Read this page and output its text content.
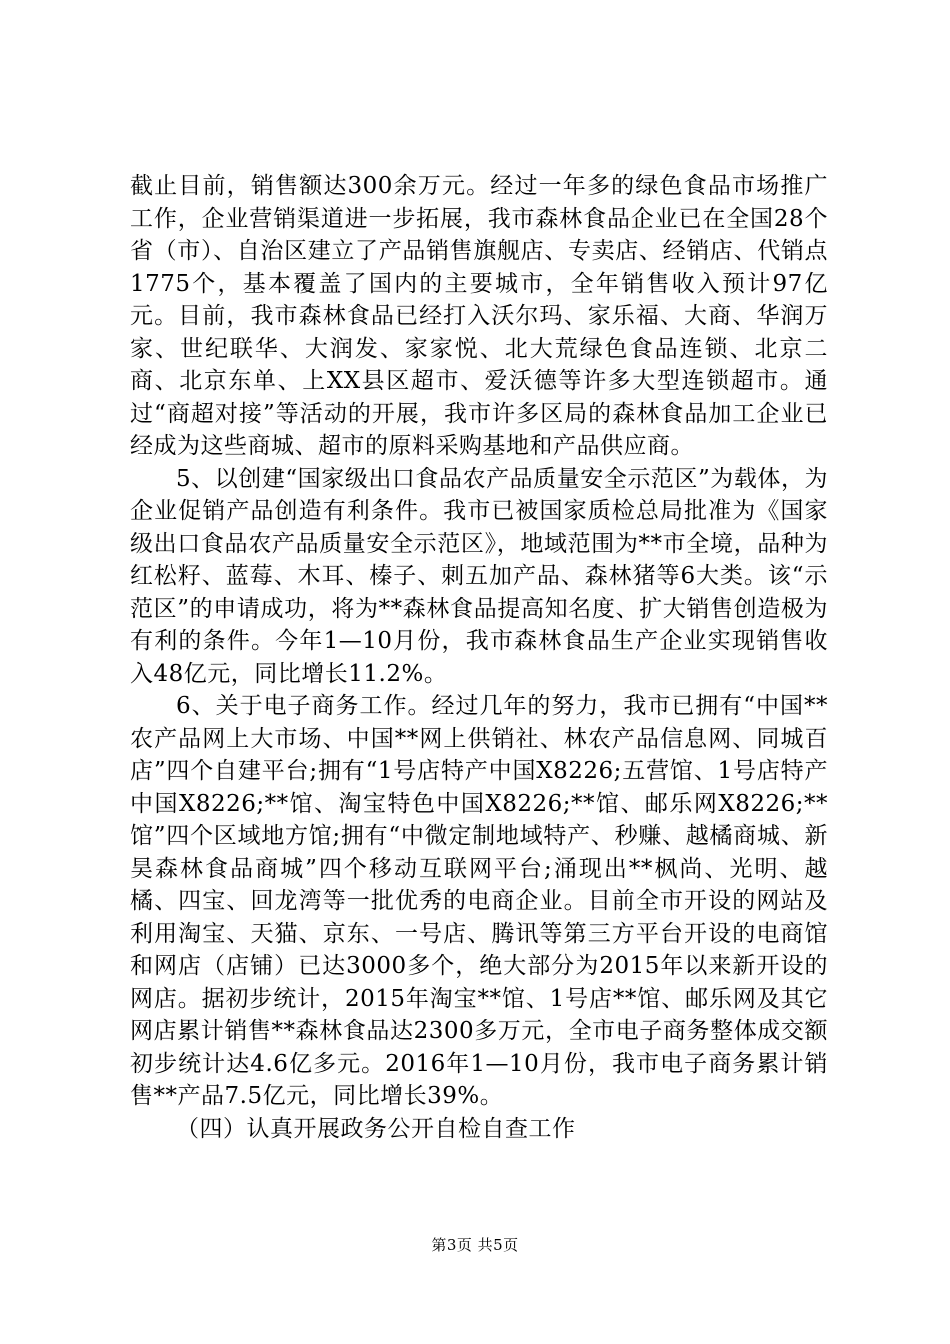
截止目前，销售额达300余万元。经过一年多的绿色食品市场推广工作，企业营销渠道进一步拓展，我市森林食品企业已在全国28个省（市）、自治区建立了产品销售旗舰店、专卖店、经销店、代销点1775个，基本覆盖了国内的主要城市，全年销售收入预计97亿元。目前，我市森林食品已经打入沃尔玛、家乐福、大商、华润万家、世纪联华、大润发、家家悦、北大荒绿色食品连锁、北京二商、北京东单、上XX县区超市、爱沃德等许多大型连锁超市。通过“商超对接”等活动的开展，我市许多区局的森林食品加工企业已经成为这些商城、超市的原料采购基地和产品供应商。

5、以创建“国家级出口食品农产品质量安全示范区”为载体，为企业促销产品创造有利条件。我市已被国家质检总局批准为《国家级出口食品农产品质量安全示范区》，地域范围为**市全境，品种为红松籽、蓝莓、木耳、榛子、刺五加产品、森林猪等6大类。该“示范区”的申请成功，将为**森林食品提高知名度、扩大销售创造极为有利的条件。今年1—10月份，我市森林食品生产企业实现销售收入48亿元，同比增长11.2%。

6、关于电子商务工作。经过几年的努力，我市已拥有“中国**农产品网上大市场、中国**网上供销社、林农产品信息网、同城百店”四个自建平台;拥有“1号店特产中国X8226;五营馆、1号店特产中国X8226;**馆、淘宝特色中国X8226;**馆、邮乐网X8226;**馆”四个区域地方馆;拥有“中微定制地域特产、秒赚、越橘商城、新昊森林食品商城”四个移动互联网平台;涌现出**枫尚、光明、越橘、四宝、回龙湾等一批优秀的电商企业。目前全市开设的网站及利用淘宝、天猫、京东、一号店、腾讯等第三方平台开设的电商馆和网店（店铺）已达3000多个，绝大部分为2015年以来新开设的网店。据初步统计，2015年淘宝**馆、1号店**馆、邮乐网及其它网店累计销售**森林食品达2300多万元，全市电子商务整体成交额初步统计达4.6亿多元。2016年1—10月份，我市电子商务累计销售**产品7.5亿元，同比增长39%。

（四）认真开展政务公开自检自查工作

第3页 共5页
